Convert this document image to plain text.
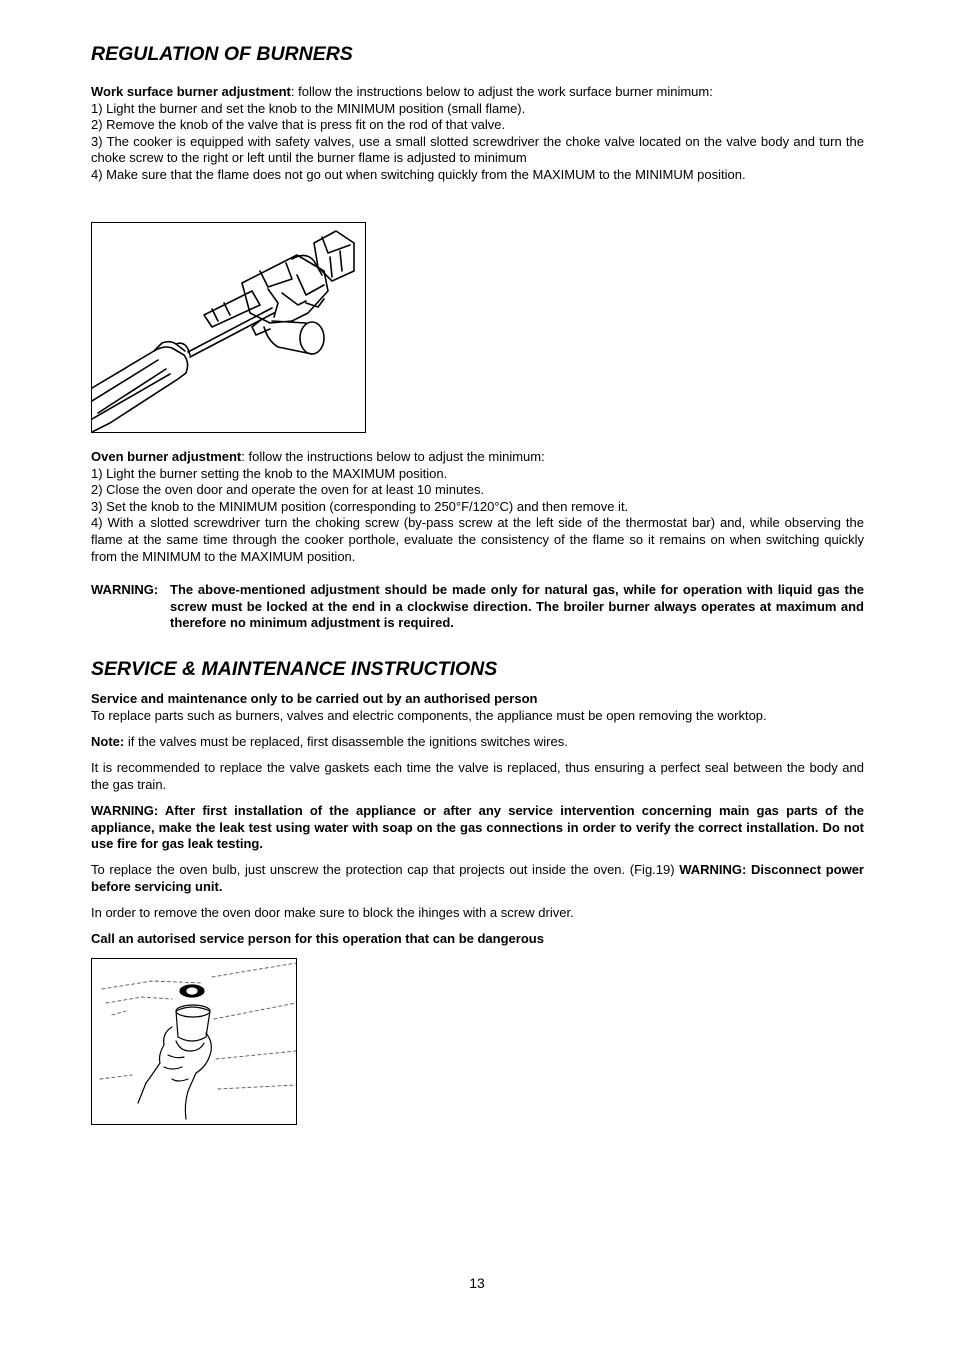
REGULATION OF BURNERS

Work surface burner adjustment: follow the instructions below to adjust the work surface burner minimum:

1) Light the burner and set the knob to the MINIMUM position (small flame).

2) Remove the knob of the valve that is press fit on the rod of that valve.

3) The cooker is equipped with safety valves, use a small slotted screwdriver the choke valve located on the valve body and turn the choke screw to the right or left until the burner flame is adjusted to minimum

4) Make sure that the flame does not go out when switching quickly from the MAXIMUM to the MINIMUM position.

Oven burner adjustment: follow the instructions below to adjust the minimum:

1) Light the burner setting the knob to the MAXIMUM position.

2) Close the oven door and operate the oven for at least 10 minutes.

3) Set the knob to the MINIMUM position (corresponding to 250°F/120°C) and then remove it.

4) With a slotted screwdriver turn the choking screw (by-pass screw at the left side of the thermostat bar) and, while observing the flame at the same time through the cooker porthole, evaluate the consistency of the flame so it remains on when switching quickly from the MINIMUM to the MAXIMUM position.

WARNING: The above-mentioned adjustment should be made only for natural gas, while for operation with liquid gas the screw must be locked at the end in a clockwise direction. The broiler burner always operates at maximum and therefore no minimum adjustment is required.
SERVICE & MAINTENANCE INSTRUCTIONS

Service and maintenance only to be carried out by an authorised person

To replace parts such as burners, valves and electric components, the appliance must be open removing the worktop.

Note: if the valves must be replaced, first disassemble the ignitions switches wires.

It is recommended to replace the valve gaskets each time the valve is replaced, thus ensuring a perfect seal between the body and the gas train.

WARNING: After first installation of the appliance or after any service intervention concerning main gas parts of the appliance, make the leak test using water with soap on the gas connections in order to verify the correct installation. Do not use fire for gas leak testing.

To replace the oven bulb, just unscrew the protection cap that projects out inside the oven. (Fig.19) WARNING: Disconnect power before servicing unit.

In order to remove the oven door make sure to block the ihinges with a screw driver.

Call an autorised service person for this operation that can be dangerous

13
